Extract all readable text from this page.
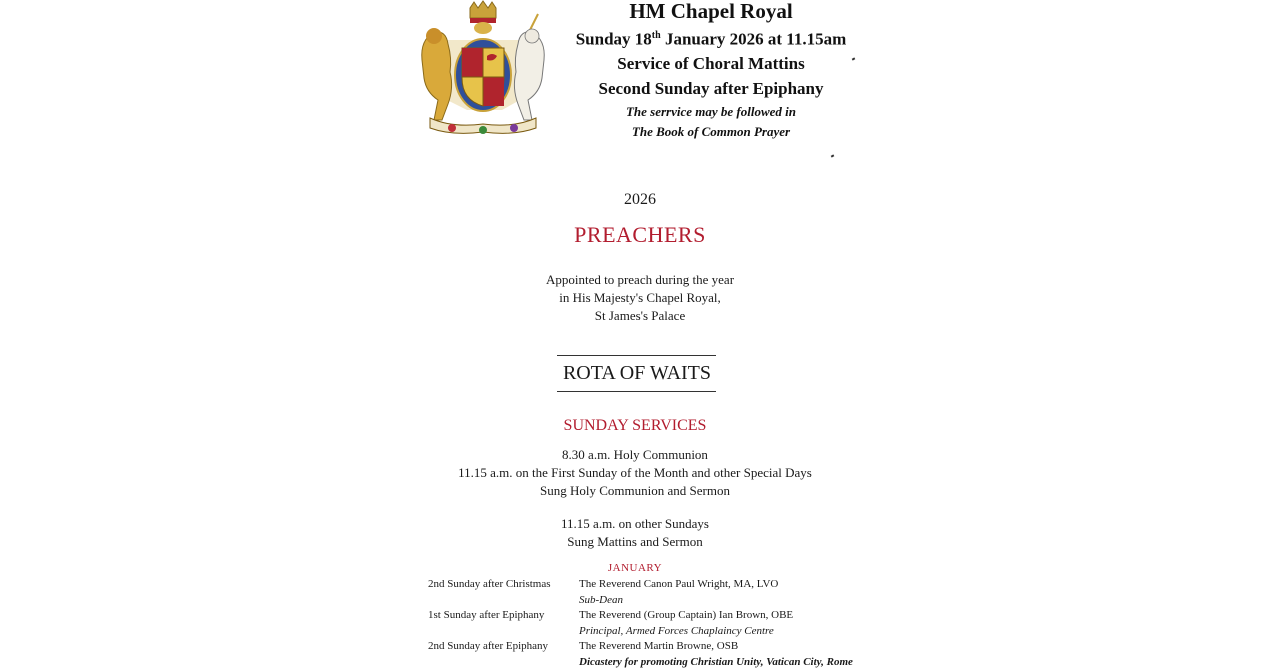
HM Chapel Royal
Sunday 18th January 2026 at 11.15am
Service of Choral Mattins
Second Sunday after Epiphany
The serrvice may be followed in
The Book of Common Prayer
2026
PREACHERS
Appointed to preach during the year
in His Majesty's Chapel Royal,
St James's Palace
ROTA OF WAITS
SUNDAY SERVICES
8.30 a.m. Holy Communion
11.15 a.m. on the First Sunday of the Month and other Special Days
Sung Holy Communion and Sermon
11.15 a.m. on other Sundays
Sung Mattins and Sermon
JANUARY
2nd Sunday after Christmas	The Reverend Canon Paul Wright, MA, LVO
Sub-Dean
1st Sunday after Epiphany	The Reverend (Group Captain) Ian Brown, OBE
Principal, Armed Forces Chaplaincy Centre
2nd Sunday after Epiphany	The Reverend Martin Browne, OSB
Dicastery for promoting Christian Unity, Vatican City, Rome
